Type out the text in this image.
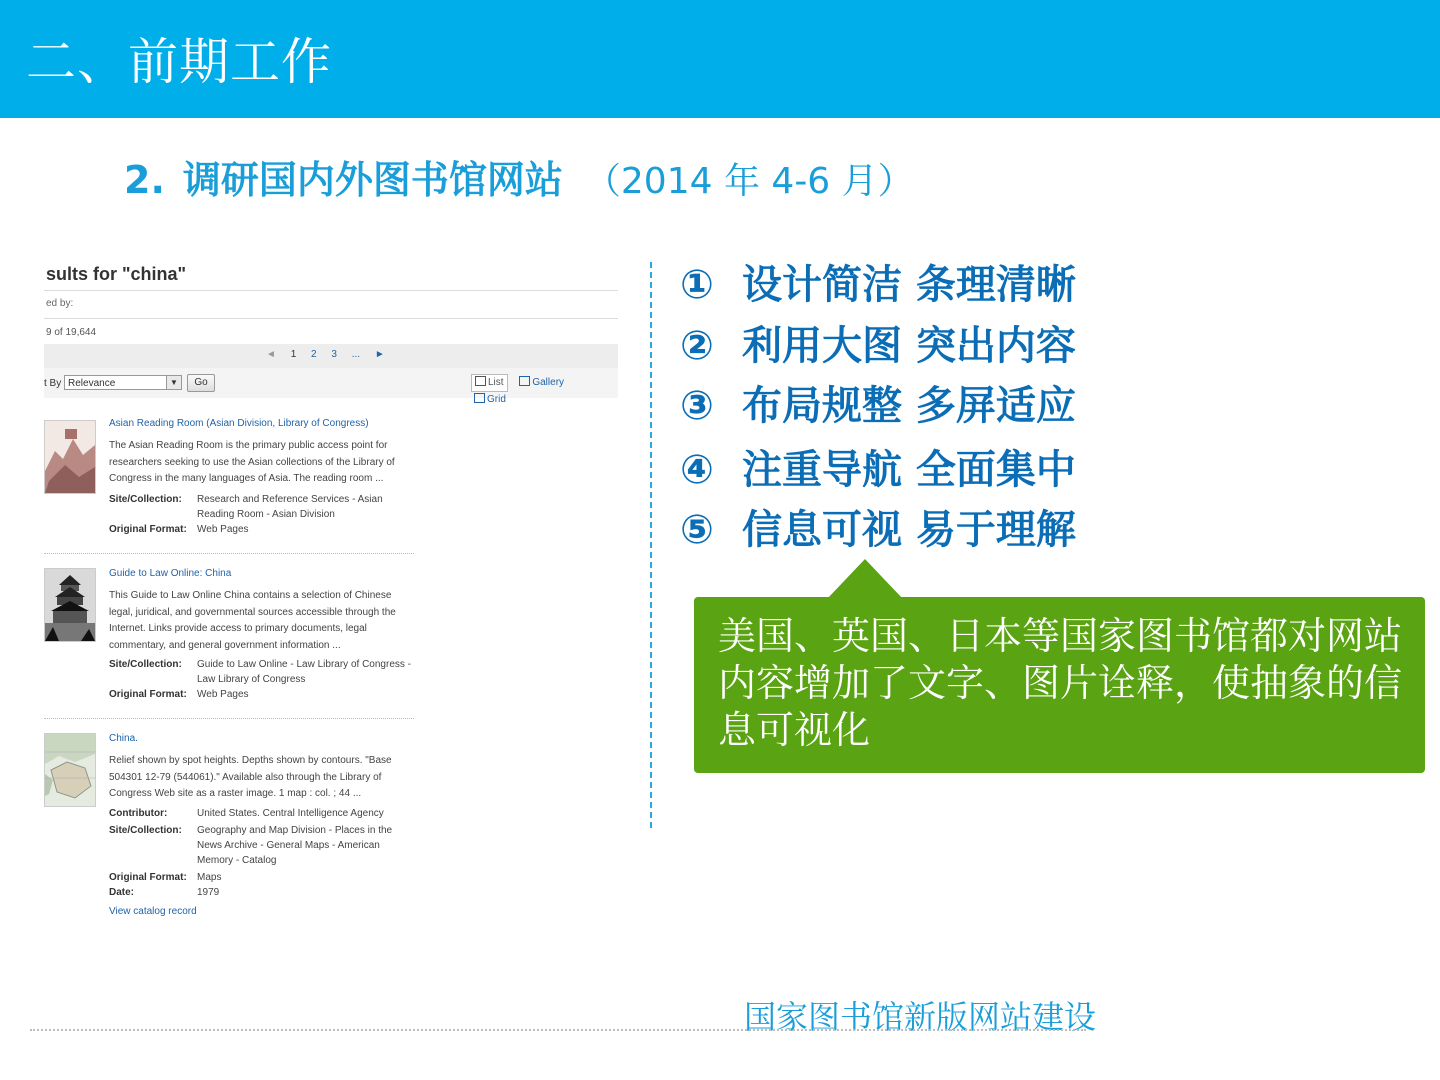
二、前期工作
2. 调研国内外图书馆网站 （2014 年 4-6 月）
sults for "china"
ed by:
9 of 19,644
◄ 1 2 3 ... ►
t By Relevance	▼	Go	List	Gallery Grid
Asian Reading Room (Asian Division, Library of Congress)
The Asian Reading Room is the primary public access point for researchers seeking to use the Asian collections of the Library of Congress in the many languages of Asia. The reading room ...
Site/Collection: Research and Reference Services - Asian Reading Room - Asian Division
Original Format: Web Pages
Guide to Law Online: China
This Guide to Law Online China contains a selection of Chinese legal, juridical, and governmental sources accessible through the Internet. Links provide access to primary documents, legal commentary, and general government information ...
Site/Collection: Guide to Law Online - Law Library of Congress - Law Library of Congress
Original Format: Web Pages
China.
Relief shown by spot heights. Depths shown by contours. "Base 504301 12-79 (544061)." Available also through the Library of Congress Web site as a raster image. 1 map : col. ; 44 ...
Contributor:	United States. Central Intelligence Agency
Site/Collection: Geography and Map Division - Places in the News Archive - General Maps - American Memory - Catalog
Original Format: Maps
Date:	1979
View catalog record
① 设计简洁 条理清晰
② 利用大图 突出内容
③ 布局规整 多屏适应
④ 注重导航 全面集中
⑤ 信息可视 易于理解
美国、英国、日本等国家图书馆都对网站内容增加了文字、图片诠释，使抽象的信息可视化
国家图书馆新版网站建设
